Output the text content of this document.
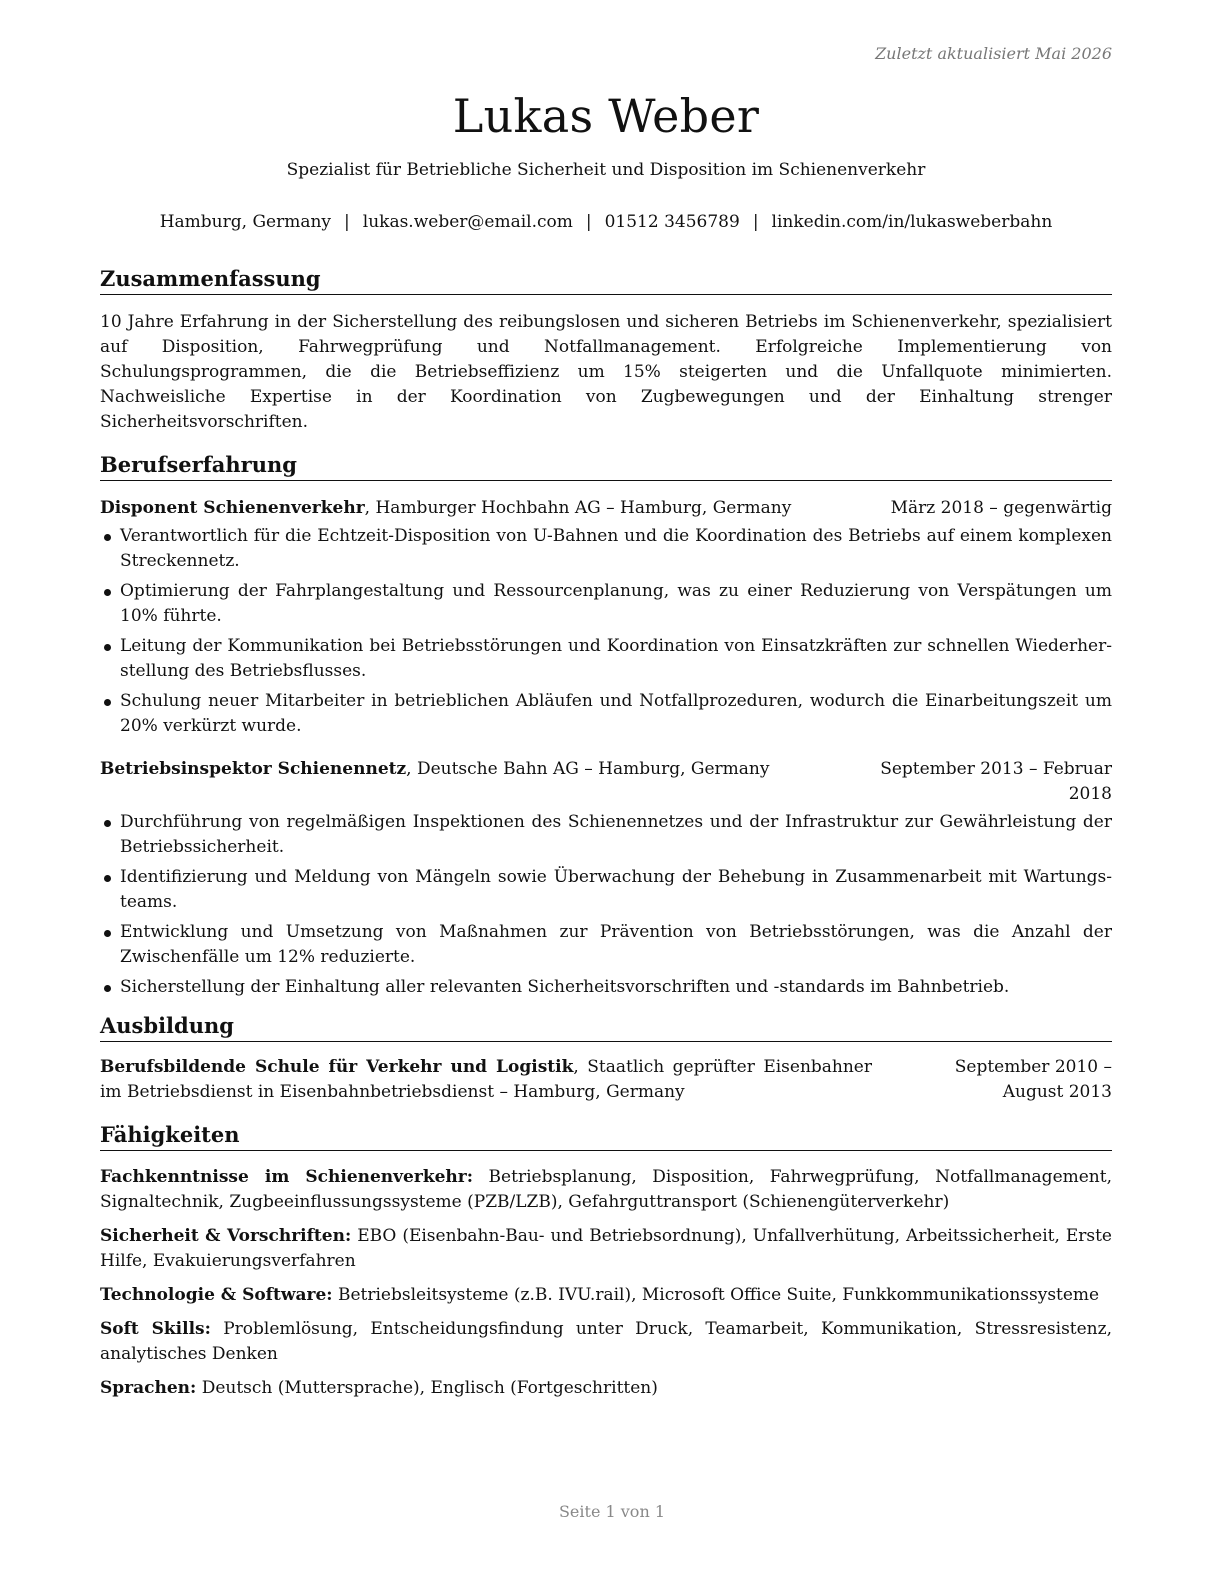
Zuletzt aktualisiert Mai 2026
Lukas Weber
Spezialist für Betriebliche Sicherheit und Disposition im Schienenverkehr
Hamburg, Germany | lukas.weber@email.com | 01512 3456789 | linkedin.com/in/lukasweberbahn
Zusammenfassung
10 Jahre Erfahrung in der Sicherstellung des reibungslosen und sicheren Betriebs im Schienenverkehr, spezialisiert auf Disposition, Fahrwegprüfung und Notfallmanagement. Erfolgreiche Implementierung von Schulungsprogrammen, die die Betriebseffizienz um 15% steigerten und die Unfallquote minimierten. Nachweisliche Expertise in der Koordination von Zugbewegungen und der Einhaltung strenger Sicherheitsvorschriften.
Berufserfahrung
Disponent Schienenverkehr, Hamburger Hochbahn AG – Hamburg, Germany	März 2018 – gegenwärtig
Verantwortlich für die Echtzeit-Disposition von U-Bahnen und die Koordination des Betriebs auf einem komplexen Streckennetz.
Optimierung der Fahrplangestaltung und Ressourcenplanung, was zu einer Reduzierung von Verspätungen um 10% führte.
Leitung der Kommunikation bei Betriebsstörungen und Koordination von Einsatzkräften zur schnellen Wiederherstellung des Betriebsflusses.
Schulung neuer Mitarbeiter in betrieblichen Abläufen und Notfallprozeduren, wodurch die Einarbeitungszeit um 20% verkürzt wurde.
Betriebsinspektor Schienennetz, Deutsche Bahn AG – Hamburg, Germany	September 2013 – Februar 2018
Durchführung von regelmäßigen Inspektionen des Schienennetzes und der Infrastruktur zur Gewährleistung der Betriebssicherheit.
Identifizierung und Meldung von Mängeln sowie Überwachung der Behebung in Zusammenarbeit mit Wartungsteams.
Entwicklung und Umsetzung von Maßnahmen zur Prävention von Betriebsstörungen, was die Anzahl der Zwischenfälle um 12% reduzierte.
Sicherstellung der Einhaltung aller relevanten Sicherheitsvorschriften und -standards im Bahnbetrieb.
Ausbildung
Berufsbildende Schule für Verkehr und Logistik, Staatlich geprüfter Eisenbahner im Betriebsdienst in Eisenbahnbetriebsdienst – Hamburg, Germany
September 2010 – August 2013
Fähigkeiten
Fachkenntnisse im Schienenverkehr: Betriebsplanung, Disposition, Fahrwegprüfung, Notfallmanagement, Signaltechnik, Zugbeeinflussungssysteme (PZB/LZB), Gefahrguttransport (Schienengüterverkehr)
Sicherheit & Vorschriften: EBO (Eisenbahn-Bau- und Betriebsordnung), Unfallverhütung, Arbeitssicherheit, Erste Hilfe, Evakuierungsverfahren
Technologie & Software: Betriebsleitsysteme (z.B. IVU.rail), Microsoft Office Suite, Funkkommunikationssysteme
Soft Skills: Problemlösung, Entscheidungsfindung unter Druck, Teamarbeit, Kommunikation, Stressresistenz, analytisches Denken
Sprachen: Deutsch (Muttersprache), Englisch (Fortgeschritten)
Seite 1 von 1
